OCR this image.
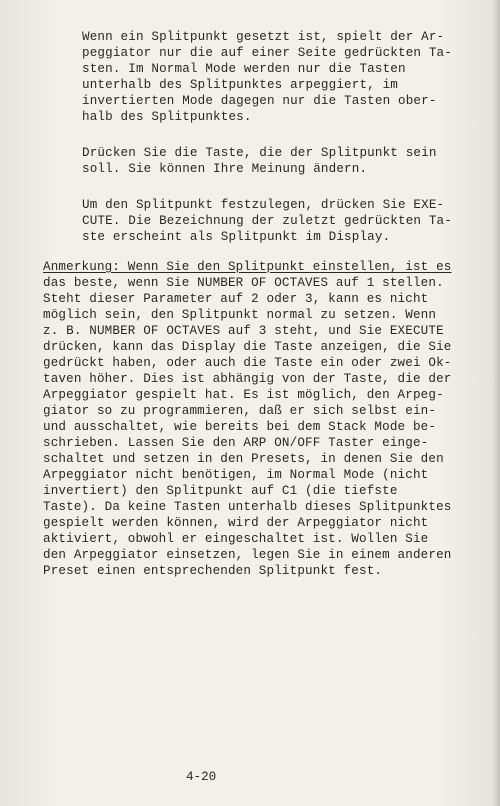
Wenn ein Splitpunkt gesetzt ist, spielt der Ar-
peggiator nur die auf einer Seite gedrückten Ta-
sten. Im Normal Mode werden nur die Tasten
unterhalb des Splitpunktes arpeggiert, im
invertierten Mode dagegen nur die Tasten ober-
halb des Splitpunktes.
Drücken Sie die Taste, die der Splitpunkt sein
soll. Sie können Ihre Meinung ändern.
Um den Splitpunkt festzulegen, drücken Sie EXE-
CUTE. Die Bezeichnung der zuletzt gedrückten Ta-
ste erscheint als Splitpunkt im Display.
Anmerkung: Wenn Sie den Splitpunkt einstellen, ist es
das beste, wenn Sie NUMBER OF OCTAVES auf 1 stellen.
Steht dieser Parameter auf 2 oder 3, kann es nicht
möglich sein, den Splitpunkt normal zu setzen. Wenn
z. B. NUMBER OF OCTAVES auf 3 steht, und Sie EXECUTE
drücken, kann das Display die Taste anzeigen, die Sie
gedrückt haben, oder auch die Taste ein oder zwei Ok-
taven höher. Dies ist abhängig von der Taste, die der
Arpeggiator gespielt hat. Es ist möglich, den Arpeg-
giator so zu programmieren, daß er sich selbst ein-
und ausschaltet, wie bereits bei dem Stack Mode be-
schrieben. Lassen Sie den ARP ON/OFF Taster einge-
schaltet und setzen in den Presets, in denen Sie den
Arpeggiator nicht benötigen, im Normal Mode (nicht
invertiert) den Splitpunkt auf C1 (die tiefste
Taste). Da keine Tasten unterhalb dieses Splitpunktes
gespielt werden können, wird der Arpeggiator nicht
aktiviert, obwohl er eingeschaltet ist. Wollen Sie
den Arpeggiator einsetzen, legen Sie in einem anderen
Preset einen entsprechenden Splitpunkt fest.
4-20
